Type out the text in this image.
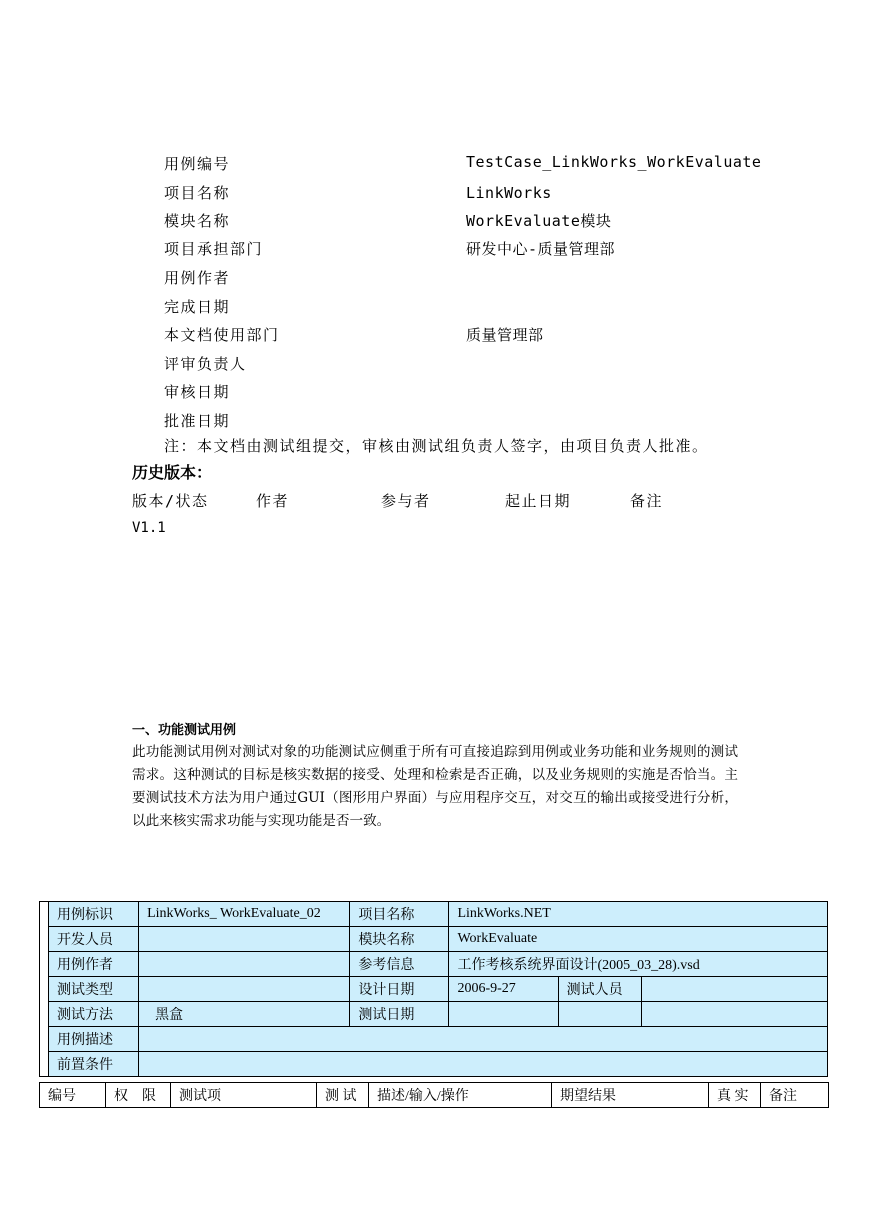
用例编号	TestCase_LinkWorks_WorkEvaluate
项目名称	LinkWorks
模块名称	WorkEvaluate模块
项目承担部门	研发中心-质量管理部
用例作者
完成日期
本文档使用部门	质量管理部
评审负责人
审核日期
批准日期
注：本文档由测试组提交，审核由测试组负责人签字，由项目负责人批准。
历史版本：
版本/状态	作者	参与者	起止日期	备注
V1.1
一、功能测试用例
此功能测试用例对测试对象的功能测试应侧重于所有可直接追踪到用例或业务功能和业务规则的测试需求。这种测试的目标是核实数据的接受、处理和检索是否正确，以及业务规则的实施是否恰当。主要测试技术方法为用户通过GUI（图形用户界面）与应用程序交互，对交互的输出或接受进行分析，以此来核实需求功能与实现功能是否一致。
	用例标识	LinkWorks_ WorkEvaluate_02	项目名称	LinkWorks.NET		
	开发人员		模块名称	WorkEvaluate		
	用例作者		参考信息	工作考核系统界面设计(2005_03_28).vsd		
	测试类型		设计日期	2006-9-27	测试人员	
	测试方法	黑盒	测试日期			
	用例描述					
	前置条件					
编号	权　限	测试项	测 试	描述/输入/操作	期望结果	真 实	备注
